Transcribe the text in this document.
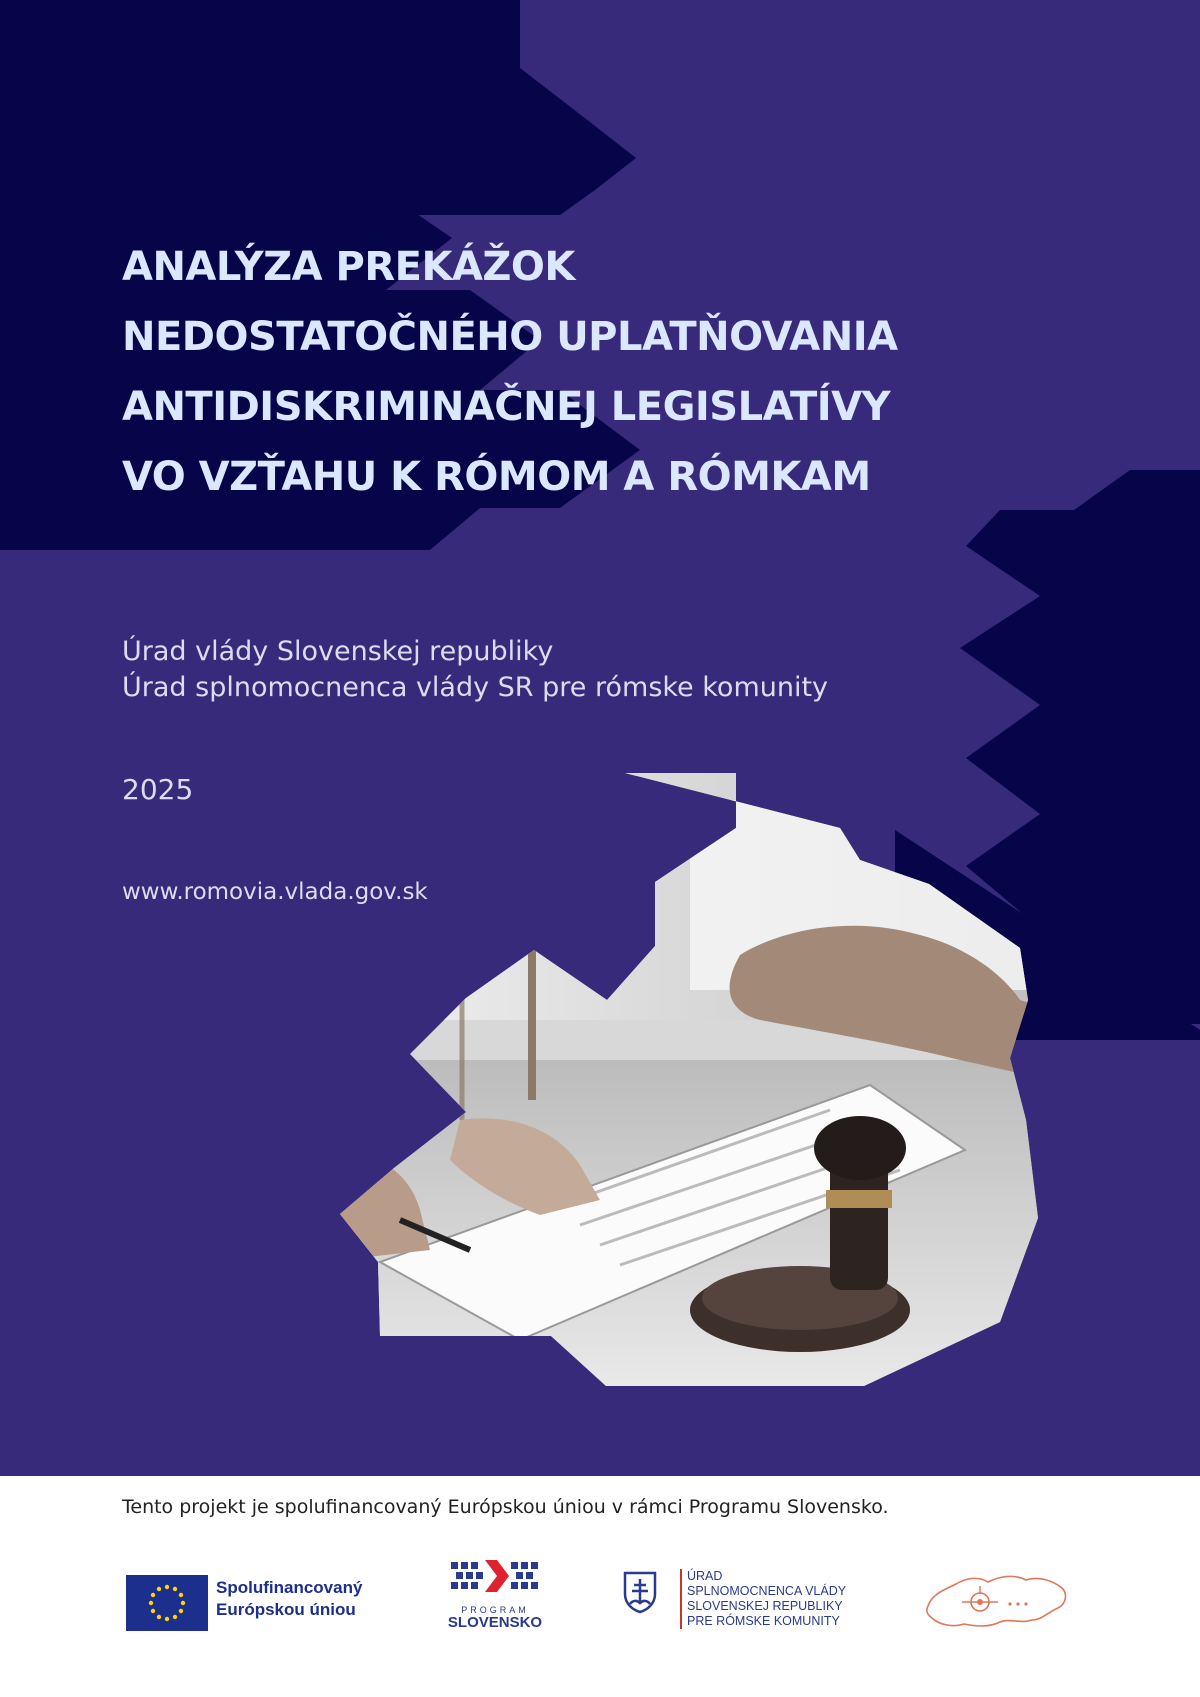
ANALÝZA PREKÁŽOK
NEDOSTATOČNÉHO UPLATŇOVANIA
ANTIDISKRIMINAČNEJ LEGISLATÍVY
VO VZŤAHU K RÓMOM A RÓMKAM
Úrad vlády Slovenskej republiky
Úrad splnomocnenca vlády SR pre rómske komunity
2025
www.romovia.vlada.gov.sk
Tento projekt je spolufinancovaný Európskou úniou v rámci Programu Slovensko.
Spolufinancovaný
Európskou úniou	PROGRAM
SLOVENSKO
ÚRAD
SPLNOMOCNENCA VLÁDY
SLOVENSKEJ REPUBLIKY
PRE RÓMSKE KOMUNITY
